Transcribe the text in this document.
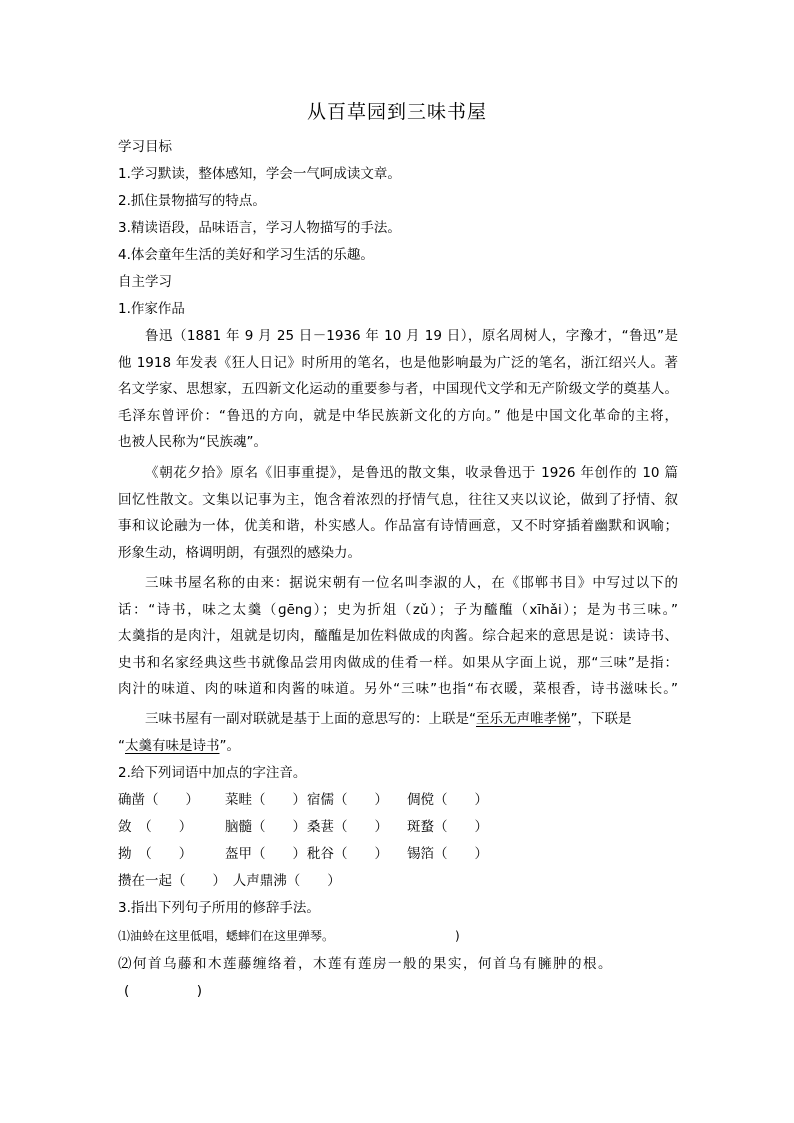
从百草园到三味书屋
学习目标
1.学习默读，整体感知，学会一气呵成读文章。
2.抓住景物描写的特点。
3.精读语段，品味语言，学习人物描写的手法。
4.体会童年生活的美好和学习生活的乐趣。
自主学习
1.作家作品
鲁迅（1881 年 9 月 25 日－1936 年 10 月 19 日），原名周树人，字豫才，“鲁迅”是
他 1918 年发表《狂人日记》时所用的笔名，也是他影响最为广泛的笔名，浙江绍兴人。著
名文学家、思想家，五四新文化运动的重要参与者，中国现代文学和无产阶级文学的奠基人。
毛泽东曾评价：“鲁迅的方向，就是中华民族新文化的方向。” 他是中国文化革命的主将，
也被人民称为“民族魂”。
《朝花夕拾》原名《旧事重提》，是鲁迅的散文集，收录鲁迅于 1926 年创作的 10 篇
回忆性散文。文集以记事为主，饱含着浓烈的抒情气息，往往又夹以议论，做到了抒情、叙
事和议论融为一体，优美和谐，朴实感人。作品富有诗情画意，又不时穿插着幽默和讽喻；
形象生动，格调明朗，有强烈的感染力。
三味书屋名称的由来：据说宋朝有一位名叫李淑的人，在《邯郸书目》中写过以下的
话：“诗书，味之太羹（ɡēnɡ）；史为折俎（zǔ）；子为醯醢（xīhǎi）；是为书三味。”
太羹指的是肉汁，俎就是切肉，醯醢是加佐料做成的肉酱。综合起来的意思是说：读诗书、
史书和名家经典这些书就像品尝用肉做成的佳肴一样。如果从字面上说，那“三味”是指：
肉汁的味道、肉的味道和肉酱的味道。另外“三味”也指“布衣暖，菜根香，诗书滋味长。”
三味书屋有一副对联就是基于上面的意思写的：上联是“至乐无声唯孝悌”，下联是
“太羹有味是诗书”。
2.给下列词语中加点的字注音。
确凿（　　） 菜畦（　　） 宿儒（　　） 倜傥（　　）
敛　（　　） 脑髓（　　） 桑葚（　　） 斑蝥（　　）
拗　（　　） 盔甲（　　） 秕谷（　　） 锡箔（　　）
攒在一起（　　）　人声鼎沸（　　）
3.指出下列句子所用的修辞手法。
⑴油蛉在这里低唱，蟋蟀们在这里弹琴。	)
⑵何首乌藤和木莲藤缠络着，木莲有莲房一般的果实，何首乌有臃肿的根。
(　　　　　)
